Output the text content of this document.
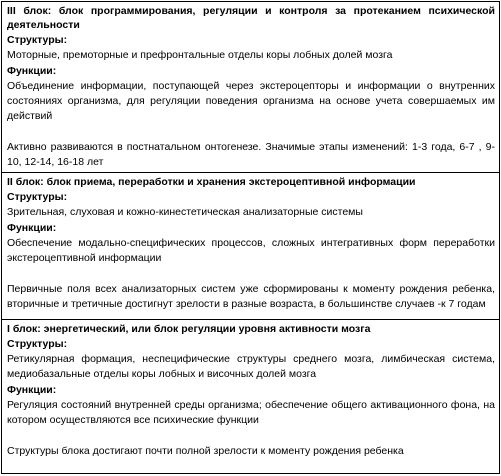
III блок: блок программирования, регуляции и контроля за протеканием психической деятельности

Структуры:

Моторные, премоторные и префронтальные отделы коры лобных долей мозга

Функции:

Объединение информации, поступающей через экстероцепторы и информации о внутренних состояниях организма, для регуляции поведения организма на основе учета совершаемых им действий

Активно развиваются в постнатальном онтогенезе. Значимые этапы изменений: 1-3 года, 6-7 , 9-10, 12-14, 16-18 лет

II блок: блок приема, переработки и хранения экстероцептивной информации

Структуры:

Зрительная, слуховая и кожно-кинестетическая анализаторные системы

Функции:

Обеспечение модально-специфических процессов, сложных интегративных форм переработки экстероцептивной информации

Первичные поля всех анализаторных систем уже сформированы к моменту рождения ребенка, вторичные и третичные достигнут зрелости в разные возраста, в большинстве случаев -к 7 годам

I блок: энергетический, или блок регуляции уровня активности мозга

Структуры:

Ретикулярная формация, неспецифические структуры среднего мозга, лимбическая система, медиобазальные отделы коры лобных и височных долей мозга

Функции:

Регуляция состояний внутренней среды организма; обеспечение общего активационного фона, на котором осуществляются все психические функции

Структуры блока достигают почти полной зрелости к моменту рождения ребенка
